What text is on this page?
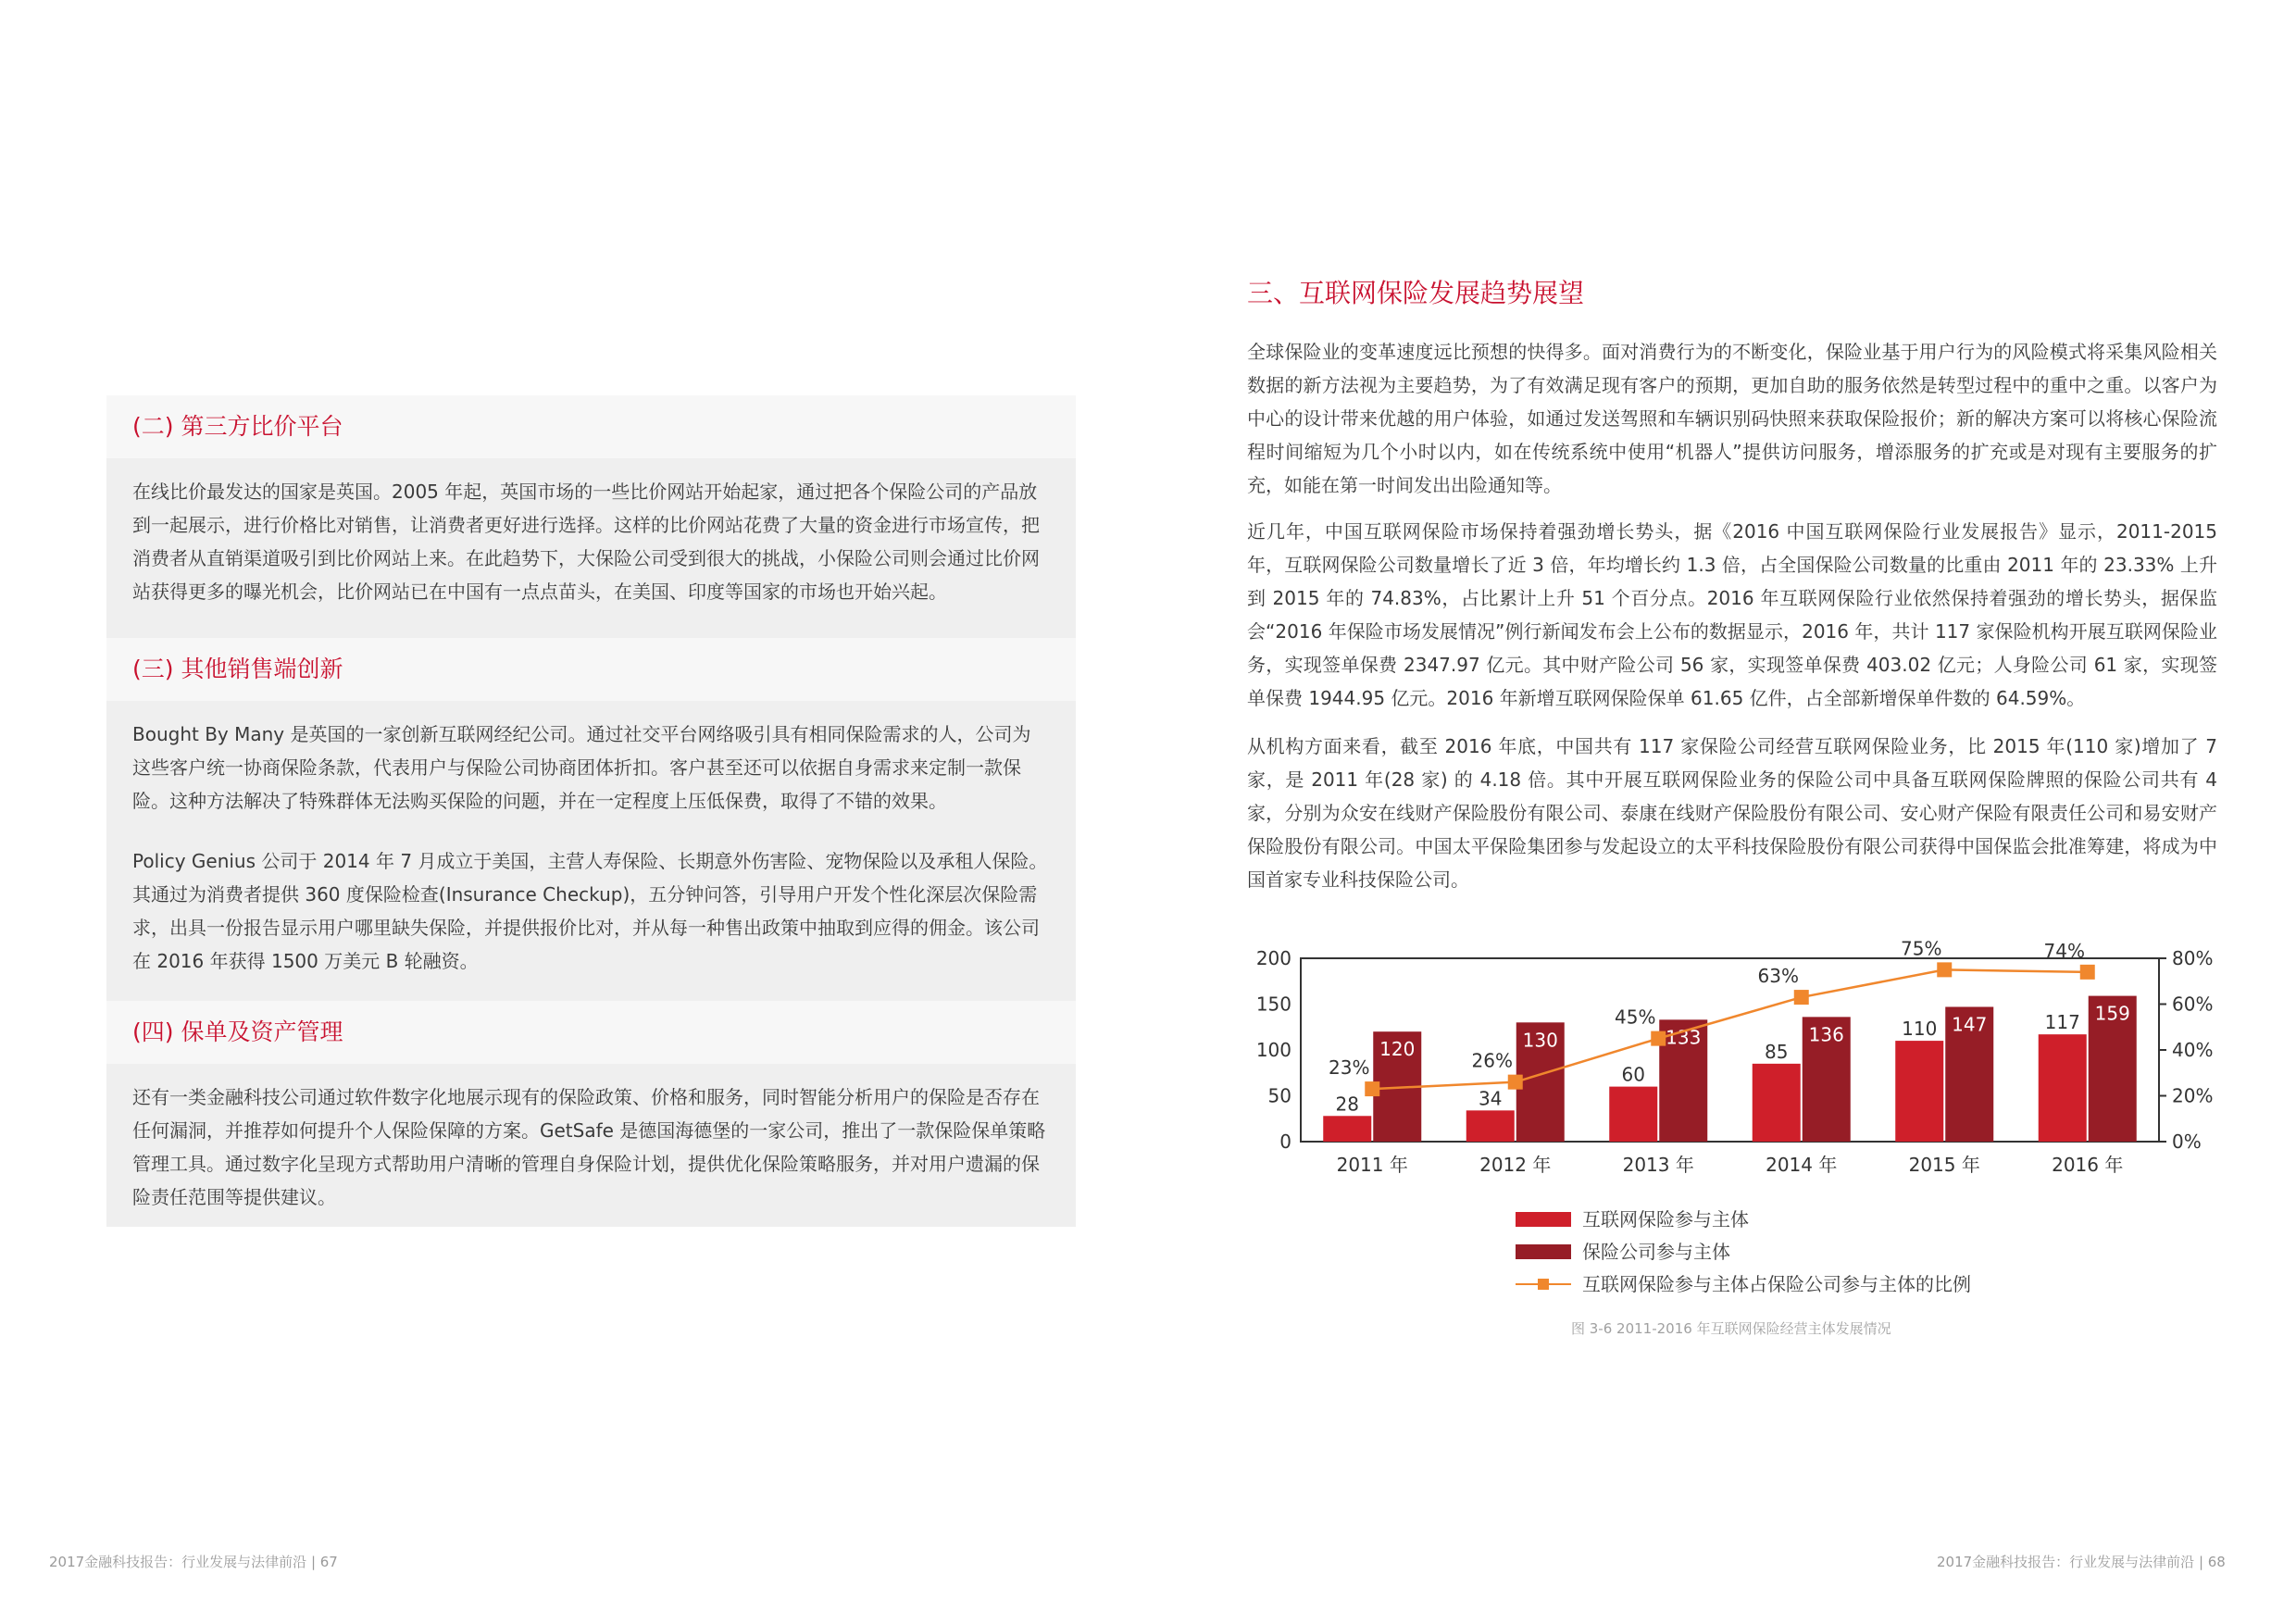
(二) 第三方比价平台

在线比价最发达的国家是英国。2005 年起，英国市场的一些比价网站开始起家，通过把各个保险公司的产品放到一起展示，进行价格比对销售，让消费者更好进行选择。这样的比价网站花费了大量的资金进行市场宣传，把消费者从直销渠道吸引到比价网站上来。在此趋势下，大保险公司受到很大的挑战，小保险公司则会通过比价网站获得更多的曝光机会，比价网站已在中国有一点点苗头，在美国、印度等国家的市场也开始兴起。

(三) 其他销售端创新

Bought By Many 是英国的一家创新互联网经纪公司。通过社交平台网络吸引具有相同保险需求的人，公司为这些客户统一协商保险条款，代表用户与保险公司协商团体折扣。客户甚至还可以依据自身需求来定制一款保险。这种方法解决了特殊群体无法购买保险的问题，并在一定程度上压低保费，取得了不错的效果。

Policy Genius 公司于 2014 年 7 月成立于美国，主营人寿保险、长期意外伤害险、宠物保险以及承租人保险。其通过为消费者提供 360 度保险检查(Insurance Checkup)，五分钟问答，引导用户开发个性化深层次保险需求，出具一份报告显示用户哪里缺失保险，并提供报价比对，并从每一种售出政策中抽取到应得的佣金。该公司在 2016 年获得 1500 万美元 B 轮融资。

(四) 保单及资产管理

还有一类金融科技公司通过软件数字化地展示现有的保险政策、价格和服务，同时智能分析用户的保险是否存在任何漏洞，并推荐如何提升个人保险保障的方案。GetSafe 是德国海德堡的一家公司，推出了一款保险保单策略管理工具。通过数字化呈现方式帮助用户清晰的管理自身保险计划，提供优化保险策略服务，并对用户遗漏的保险责任范围等提供建议。

2017金融科技报告：行业发展与法律前沿 | 67
三、互联网保险发展趋势展望

全球保险业的变革速度远比预想的快得多。面对消费行为的不断变化，保险业基于用户行为的风险模式将采集风险相关数据的新方法视为主要趋势，为了有效满足现有客户的预期，更加自助的服务依然是转型过程中的重中之重。以客户为中心的设计带来优越的用户体验，如通过发送驾照和车辆识别码快照来获取保险报价；新的解决方案可以将核心保险流程时间缩短为几个小时以内，如在传统系统中使用“机器人”提供访问服务，增添服务的扩充或是对现有主要服务的扩充，如能在第一时间发出出险通知等。

近几年，中国互联网保险市场保持着强劲增长势头，据《2016 中国互联网保险行业发展报告》显示，2011-2015 年，互联网保险公司数量增长了近 3 倍，年均增长约 1.3 倍，占全国保险公司数量的比重由 2011 年的 23.33% 上升到 2015 年的 74.83%，占比累计上升 51 个百分点。2016 年互联网保险行业依然保持着强劲的增长势头，据保监会“2016 年保险市场发展情况”例行新闻发布会上公布的数据显示，2016 年，共计 117 家保险机构开展互联网保险业务，实现签单保费 2347.97 亿元。其中财产险公司 56 家，实现签单保费 403.02 亿元；人身险公司 61 家，实现签单保费 1944.95 亿元。2016 年新增互联网保险保单 61.65 亿件，占全部新增保单件数的 64.59%。

从机构方面来看，截至 2016 年底，中国共有 117 家保险公司经营互联网保险业务，比 2015 年(110 家)增加了 7 家，是 2011 年(28 家) 的 4.18 倍。其中开展互联网保险业务的保险公司中具备互联网保险牌照的保险公司共有 4 家，分别为众安在线财产保险股份有限公司、泰康在线财产保险股份有限公司、安心财产保险有限责任公司和易安财产保险股份有限公司。中国太平保险集团参与发起设立的太平科技保险股份有限公司获得中国保监会批准筹建，将成为中国首家专业科技保险公司。

0
50
100
150
200
0%
20%
40%
60%
80%
2011 年
28
120
2012 年
34
130
2013 年
60
133
2014 年
85
136
2015 年
110 147
2016 年
117 159
23%	26%
45%
63%
75%	74%
互联网保险参与主体
保险公司参与主体
互联网保险参与主体占保险公司参与主体的比例
图 3-6 2011-2016 年互联网保险经营主体发展情况
2017金融科技报告：行业发展与法律前沿 | 68
